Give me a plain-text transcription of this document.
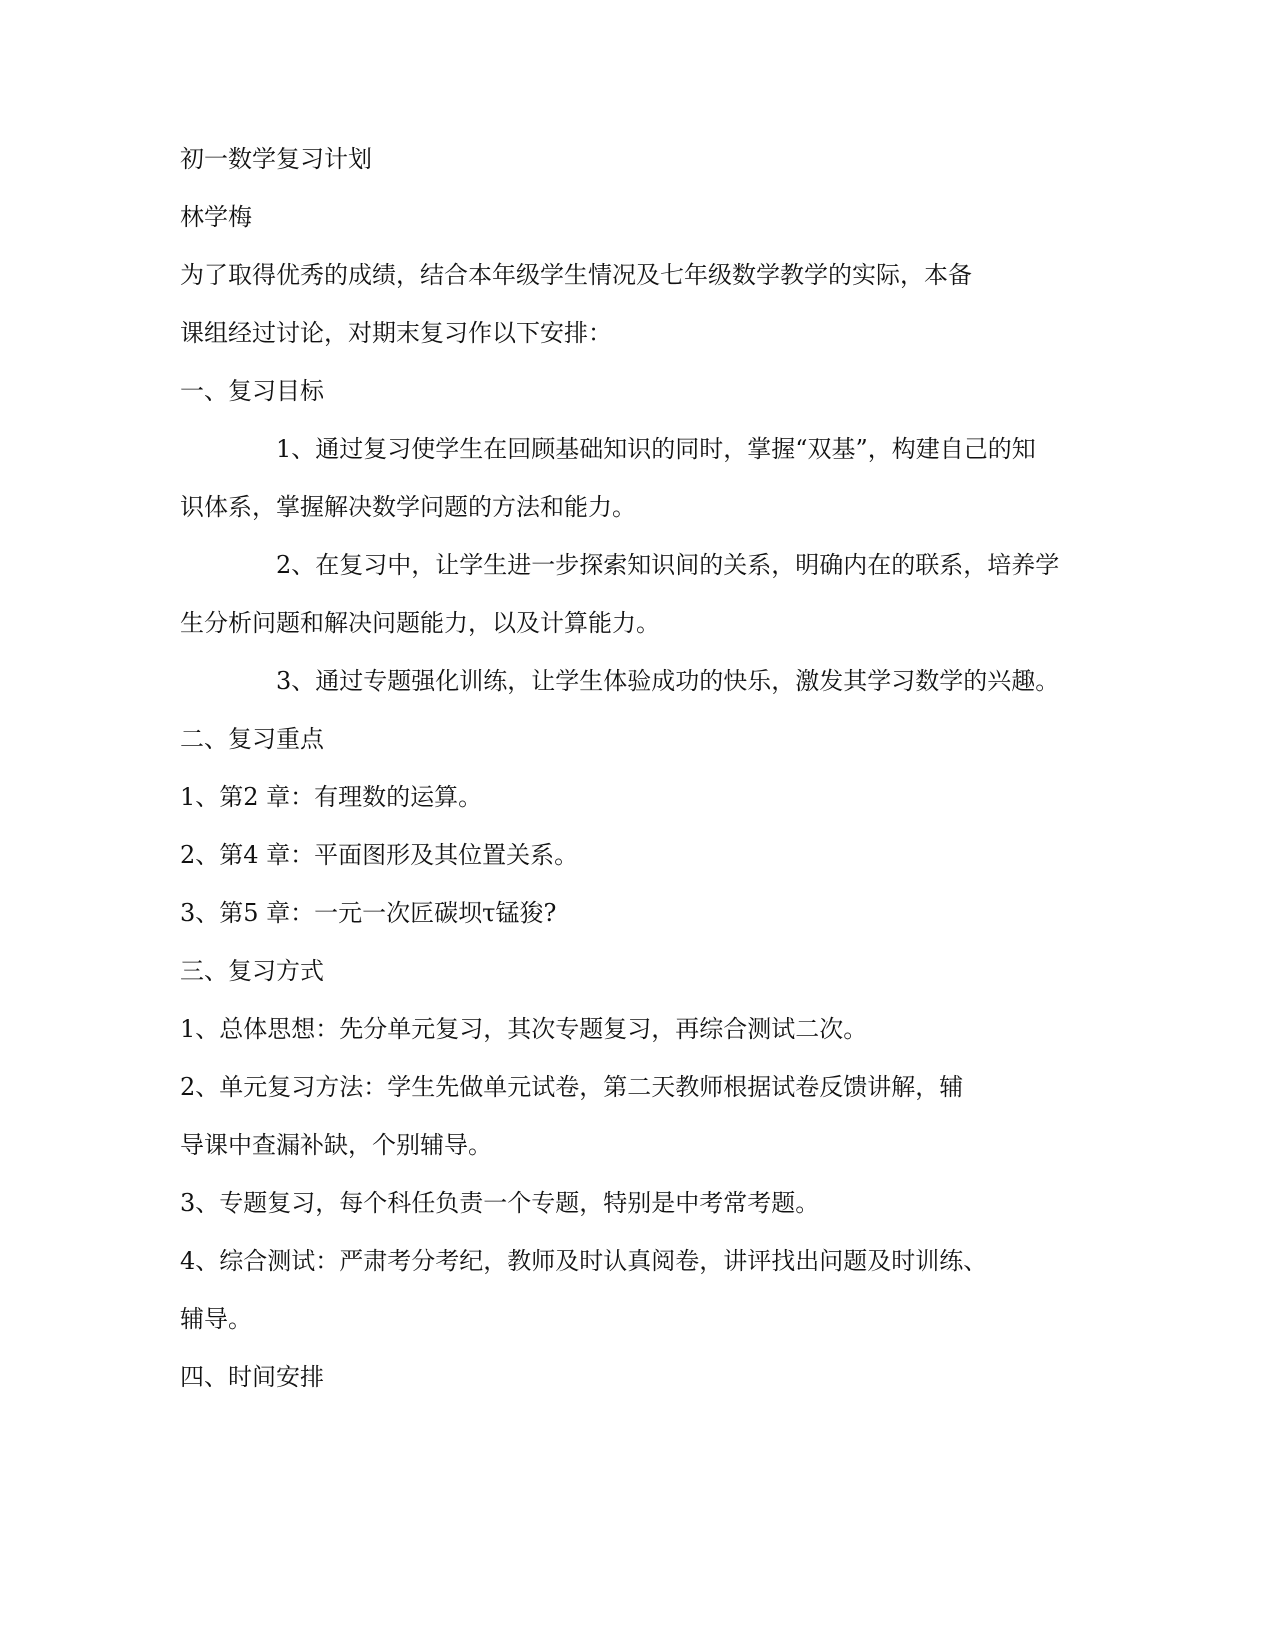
初一数学复习计划
林学梅
为了取得优秀的成绩，结合本年级学生情况及七年级数学教学的实际，本备
课组经过讨论，对期末复习作以下安排：
一、复习目标
1、通过复习使学生在回顾基础知识的同时，掌握“双基”，构建自己的知
识体系，掌握解决数学问题的方法和能力。
2、在复习中，让学生进一步探索知识间的关系，明确内在的联系，培养学
生分析问题和解决问题能力，以及计算能力。
3、通过专题强化训练，让学生体验成功的快乐，激发其学习数学的兴趣。
二、复习重点
1、第2 章：有理数的运算。
2、第4 章：平面图形及其位置关系。
3、第5 章：一元一次匠碳坝τ锰狻?
三、复习方式
1、总体思想：先分单元复习，其次专题复习，再综合测试二次。
2、单元复习方法：学生先做单元试卷，第二天教师根据试卷反馈讲解，辅
导课中查漏补缺，个别辅导。
3、专题复习，每个科任负责一个专题，特别是中考常考题。
4、综合测试：严肃考分考纪，教师及时认真阅卷，讲评找出问题及时训练、
辅导。
四、时间安排
